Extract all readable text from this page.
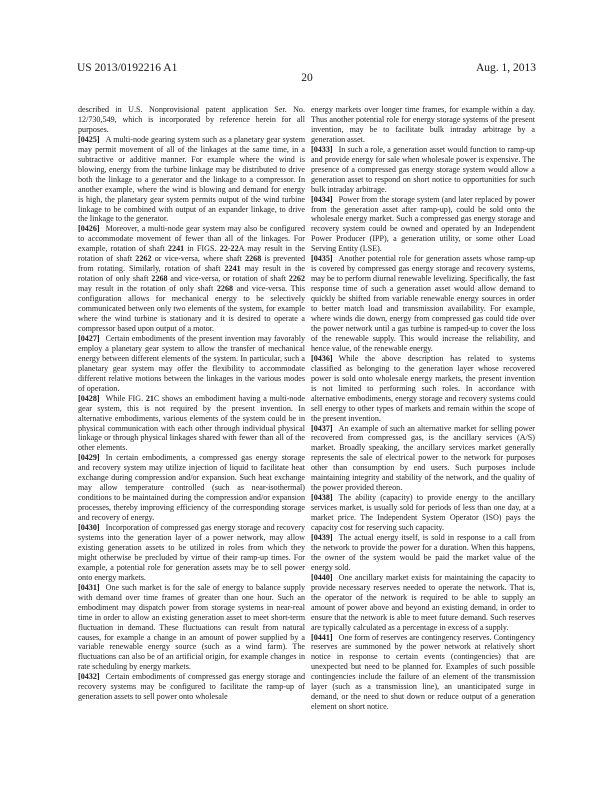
US 2013/0192216 A1	Aug. 1, 2013
20

described in U.S. Nonprovisional patent application Ser. No. 12/730,549, which is incorporated by reference herein for all purposes.

[0425] A multi-node gearing system such as a planetary gear system may permit movement of all of the linkages at the same time, in a subtractive or additive manner. For example where the wind is blowing, energy from the turbine linkage may be distributed to drive both the linkage to a generator and the linkage to a compressor. In another example, where the wind is blowing and demand for energy is high, the planetary gear system permits output of the wind turbine linkage to be combined with output of an expander linkage, to drive the linkage to the generator.

[0426] Moreover, a multi-node gear system may also be configured to accommodate movement of fewer than all of the linkages. For example, rotation of shaft 2241 in FIGS. 22-22A may result in the rotation of shaft 2262 or vice-versa, where shaft 2268 is prevented from rotating. Similarly, rotation of shaft 2241 may result in the rotation of only shaft 2268 and vice-versa, or rotation of shaft 2262 may result in the rotation of only shaft 2268 and vice-versa. This configuration allows for mechanical energy to be selectively communicated between only two elements of the system, for example where the wind turbine is stationary and it is desired to operate a compressor based upon output of a motor.

[0427] Certain embodiments of the present invention may favorably employ a planetary gear system to allow the transfer of mechanical energy between different elements of the system. In particular, such a planetary gear system may offer the flexibility to accommodate different relative motions between the linkages in the various modes of operation.

[0428] While FIG. 21C shows an embodiment having a multi-node gear system, this is not required by the present invention. In alternative embodiments, various elements of the system could be in physical communication with each other through individual physical linkage or through physical linkages shared with fewer than all of the other elements.

[0429] In certain embodiments, a compressed gas energy storage and recovery system may utilize injection of liquid to facilitate heat exchange during compression and/or expansion. Such heat exchange may allow temperature controlled (such as near-isothermal) conditions to be maintained during the compression and/or expansion processes, thereby improving efficiency of the corresponding storage and recovery of energy.

[0430] Incorporation of compressed gas energy storage and recovery systems into the generation layer of a power network, may allow existing generation assets to be utilized in roles from which they might otherwise be precluded by virtue of their ramp-up times. For example, a potential role for generation assets may be to sell power onto energy markets.

[0431] One such market is for the sale of energy to balance supply with demand over time frames of greater than one hour. Such an embodiment may dispatch power from storage systems in near-real time in order to allow an existing generation asset to meet short-term fluctuation in demand. These fluctuations can result from natural causes, for example a change in an amount of power supplied by a variable renewable energy source (such as a wind farm). The fluctuations can also be of an artificial origin, for example changes in rate scheduling by energy markets.

[0432] Certain embodiments of compressed gas energy storage and recovery systems may be configured to facilitate the ramp-up of generation assets to sell power onto wholesale

energy markets over longer time frames, for example within a day. Thus another potential role for energy storage systems of the present invention, may be to facilitate bulk intraday arbitrage by a generation asset.

[0433] In such a role, a generation asset would function to ramp-up and provide energy for sale when wholesale power is expensive. The presence of a compressed gas energy storage system would allow a generation asset to respond on short notice to opportunities for such bulk intraday arbitrage.

[0434] Power from the storage system (and later replaced by power from the generation asset after ramp-up), could be sold onto the wholesale energy market. Such a compressed gas energy storage and recovery system could be owned and operated by an Independent Power Producer (IPP), a generation utility, or some other Load Serving Entity (LSE).

[0435] Another potential role for generation assets whose ramp-up is covered by compressed gas energy storage and recovery systems, may be to perform diurnal renewable levelizing. Specifically, the fast response time of such a generation asset would allow demand to quickly be shifted from variable renewable energy sources in order to better match load and transmission availability. For example, where winds die down, energy from compressed gas could tide over the power network until a gas turbine is ramped-up to cover the loss of the renewable supply. This would increase the reliability, and hence value, of the renewable energy.

[0436] While the above description has related to systems classified as belonging to the generation layer whose recovered power is sold onto wholesale energy markets, the present invention is not limited to performing such roles. In accordance with alternative embodiments, energy storage and recovery systems could sell energy to other types of markets and remain within the scope of the present invention.

[0437] An example of such an alternative market for selling power recovered from compressed gas, is the ancillary services (A/S) market. Broadly speaking, the ancillary services market generally represents the sale of electrical power to the network for purposes other than consumption by end users. Such purposes include maintaining integrity and stability of the network, and the quality of the power provided thereon.

[0438] The ability (capacity) to provide energy to the ancillary services market, is usually sold for periods of less than one day, at a market price. The Independent System Operator (ISO) pays the capacity cost for reserving such capacity.

[0439] The actual energy itself, is sold in response to a call from the network to provide the power for a duration. When this happens, the owner of the system would be paid the market value of the energy sold.

[0440] One ancillary market exists for maintaining the capacity to provide necessary reserves needed to operate the network. That is, the operator of the network is required to be able to supply an amount of power above and beyond an existing demand, in order to ensure that the network is able to meet future demand. Such reserves are typically calculated as a percentage in excess of a supply.

[0441] One form of reserves are contingency reserves. Contingency reserves are summoned by the power network at relatively short notice in response to certain events (contingencies) that are unexpected but need to be planned for. Examples of such possible contingencies include the failure of an element of the transmission layer (such as a transmission line), an unanticipated surge in demand, or the need to shut down or reduce output of a generation element on short notice.
